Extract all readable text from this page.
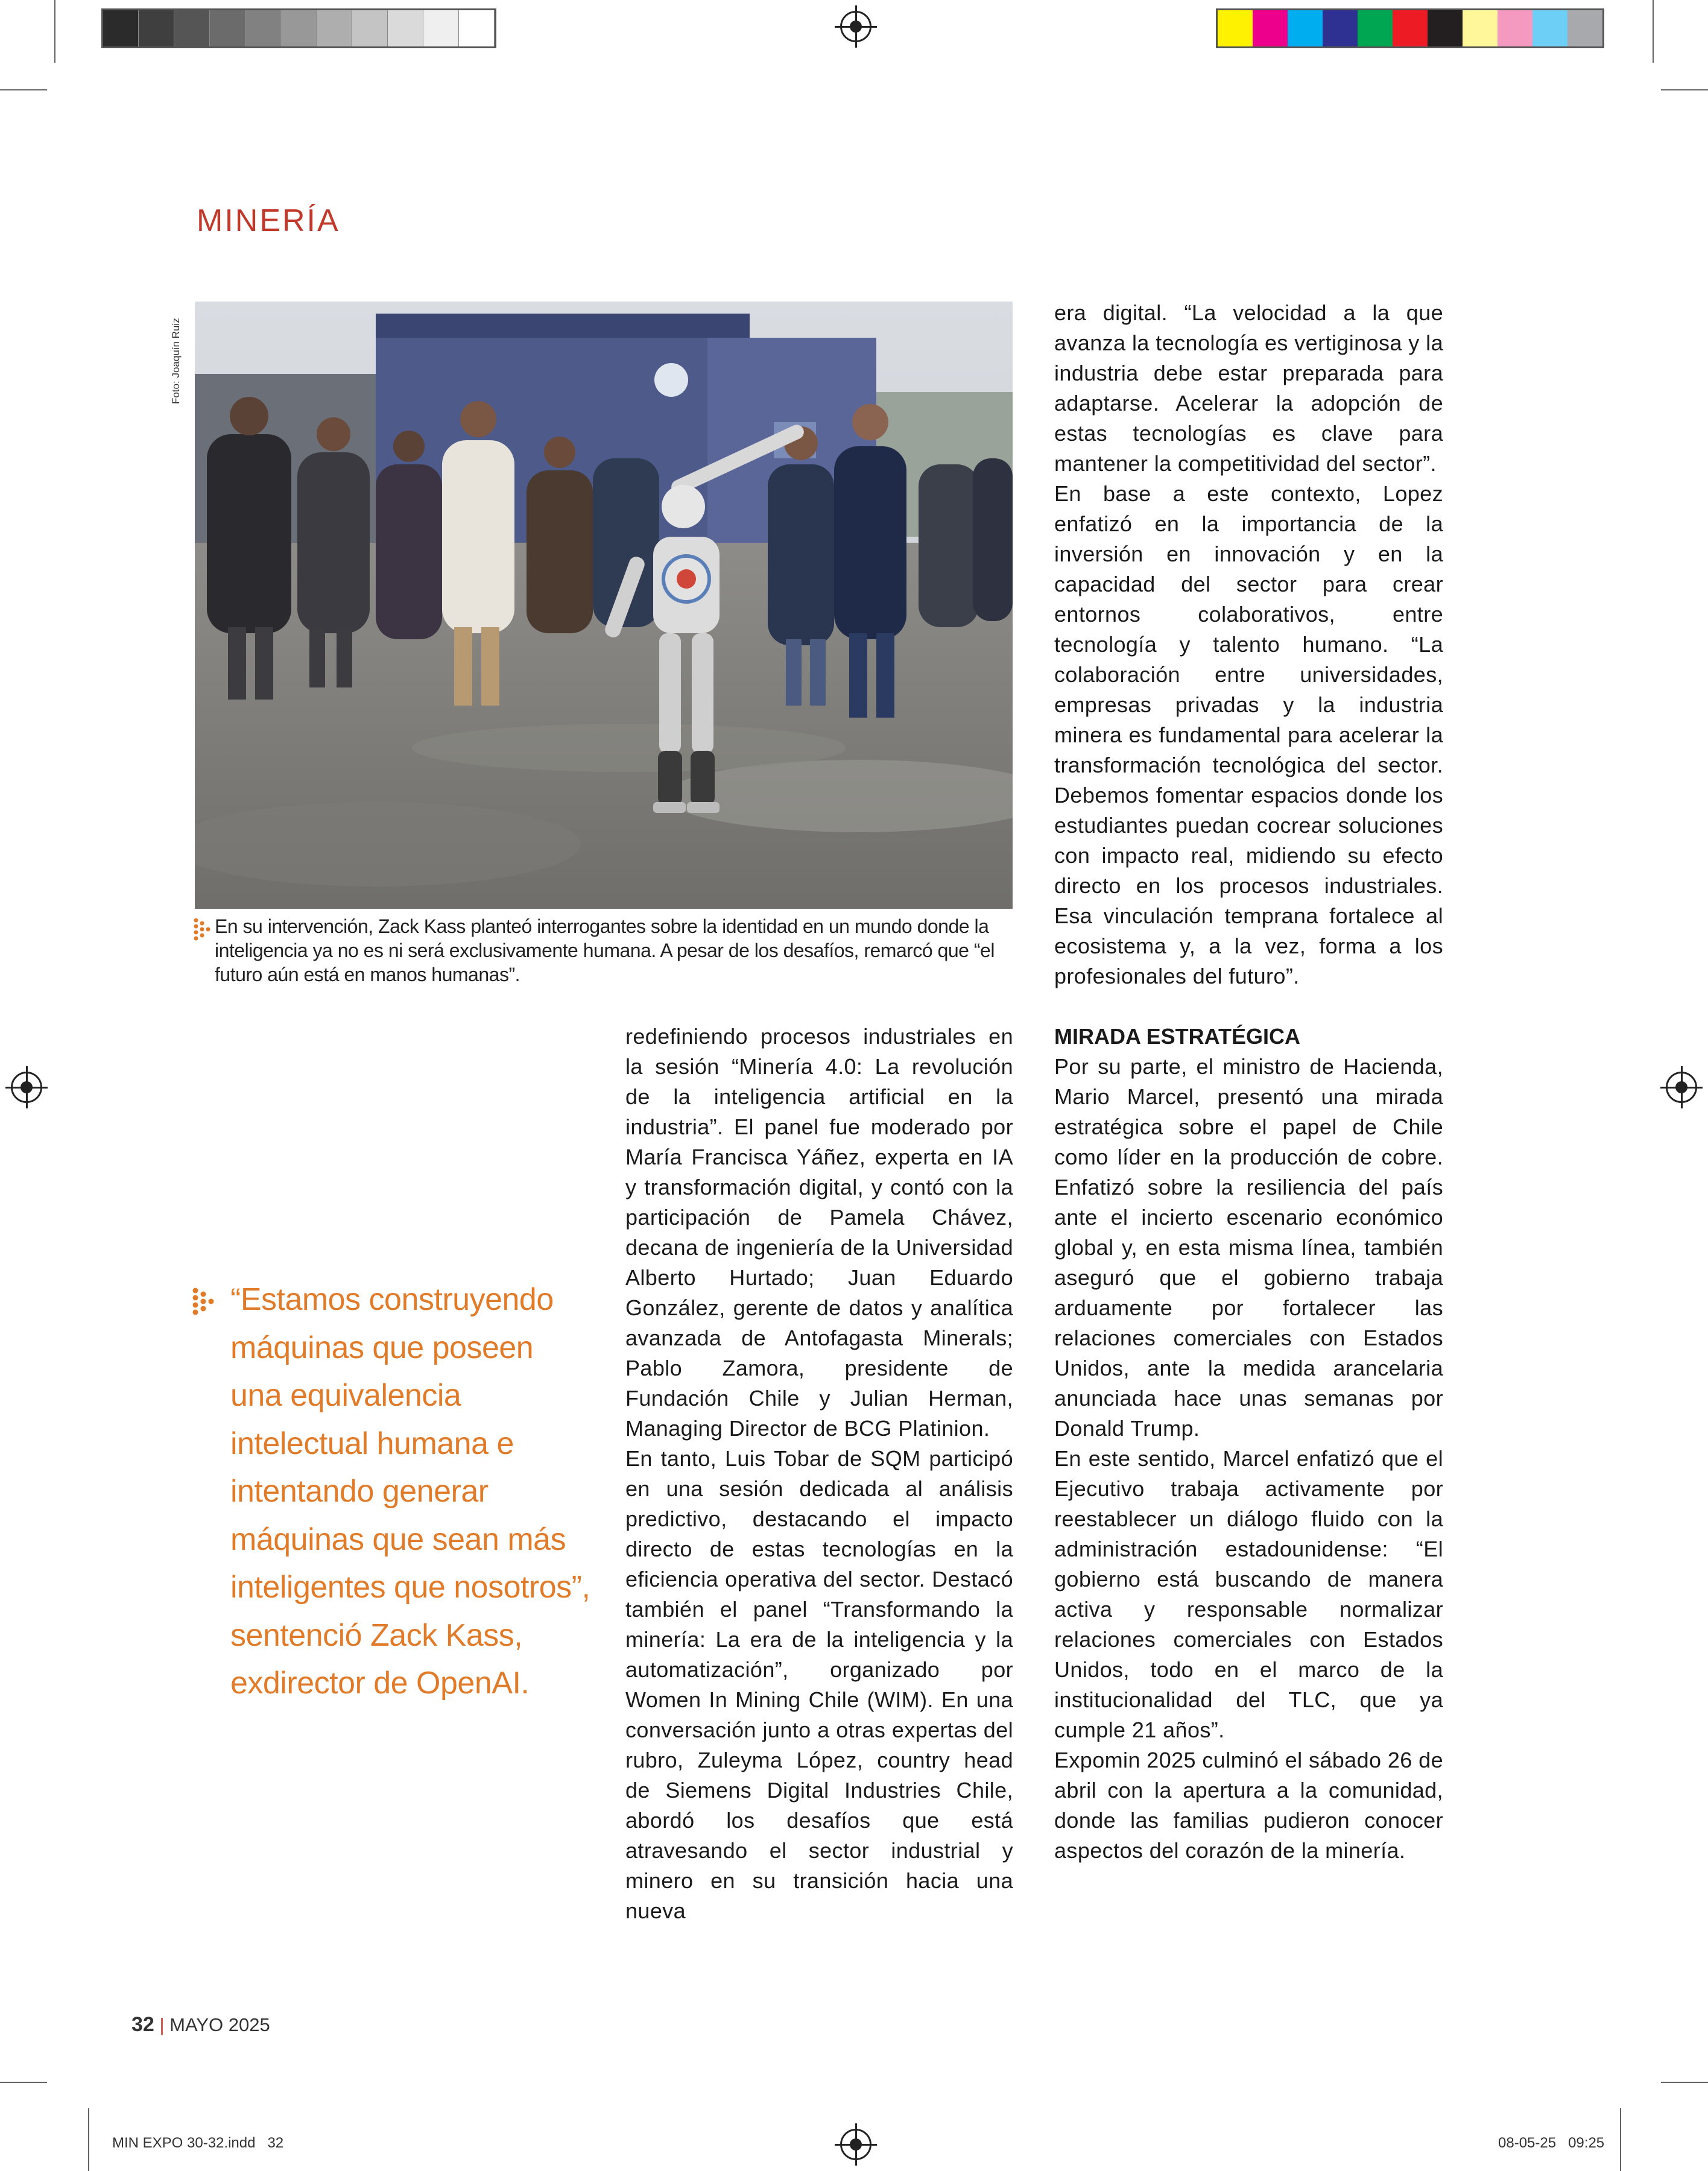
MINERÍA
Foto: Joaquín Ruiz
En su intervención, Zack Kass planteó interrogantes sobre la identidad en un mundo donde la inteligencia ya no es ni será exclusivamente humana. A pesar de los desafíos, remarcó que “el futuro aún está en manos humanas”.
“Estamos construyendo máquinas que poseen una equivalencia intelectual humana e intentando generar máquinas que sean más inteligentes que nosotros”, sentenció Zack Kass, exdirector de OpenAI.

redefiniendo procesos industriales en la sesión “Minería 4.0: La revolución de la inteligencia artificial en la industria”. El panel fue moderado por María Francisca Yáñez, experta en IA y transformación digital, y contó con la participación de Pamela Chávez, decana de ingeniería de la Universidad Alberto Hurtado; Juan Eduardo González, gerente de datos y analítica avanzada de Antofagasta Minerals; Pablo Zamora, presidente de Fundación Chile y Julian Herman, Managing Director de BCG Platinion.

En tanto, Luis Tobar de SQM participó en una sesión dedicada al análisis predictivo, destacando el impacto directo de estas tecnologías en la eficiencia operativa del sector. Destacó también el panel “Transformando la minería: La era de la inteligencia y la automatización”, organizado por Women In Mining Chile (WIM). En una conversación junto a otras expertas del rubro, Zuleyma López, country head de Siemens Digital Industries Chile, abordó los desafíos que está atravesando el sector industrial y minero en su transición hacia una nueva

era digital. “La velocidad a la que avanza la tecnología es vertiginosa y la industria debe estar preparada para adaptarse. Acelerar la adopción de estas tecnologías es clave para mantener la competitividad del sector”.

En base a este contexto, Lopez enfatizó en la importancia de la inversión en innovación y en la capacidad del sector para crear entornos colaborativos, entre tecnología y talento humano. “La colaboración entre universidades, empresas privadas y la industria minera es fundamental para acelerar la transformación tecnológica del sector. Debemos fomentar espacios donde los estudiantes puedan cocrear soluciones con impacto real, midiendo su efecto directo en los procesos industriales. Esa vinculación temprana fortalece al ecosistema y, a la vez, forma a los profesionales del futuro”.

MIRADA ESTRATÉGICA

Por su parte, el ministro de Hacienda, Mario Marcel, presentó una mirada estratégica sobre el papel de Chile como líder en la producción de cobre. Enfatizó sobre la resiliencia del país ante el incierto escenario económico global y, en esta misma línea, también aseguró que el gobierno trabaja arduamente por fortalecer las relaciones comerciales con Estados Unidos, ante la medida arancelaria anunciada hace unas semanas por Donald Trump.

En este sentido, Marcel enfatizó que el Ejecutivo trabaja activamente por reestablecer un diálogo fluido con la administración estadounidense: “El gobierno está buscando de manera activa y responsable normalizar relaciones comerciales con Estados Unidos, todo en el marco de la institucionalidad del TLC, que ya cumple 21 años”.

Expomin 2025 culminó el sábado 26 de abril con la apertura a la comunidad, donde las familias pudieron conocer aspectos del corazón de la minería.

32 | MAYO 2025
MIN EXPO 30-32.indd   32	08-05-25   09:25
